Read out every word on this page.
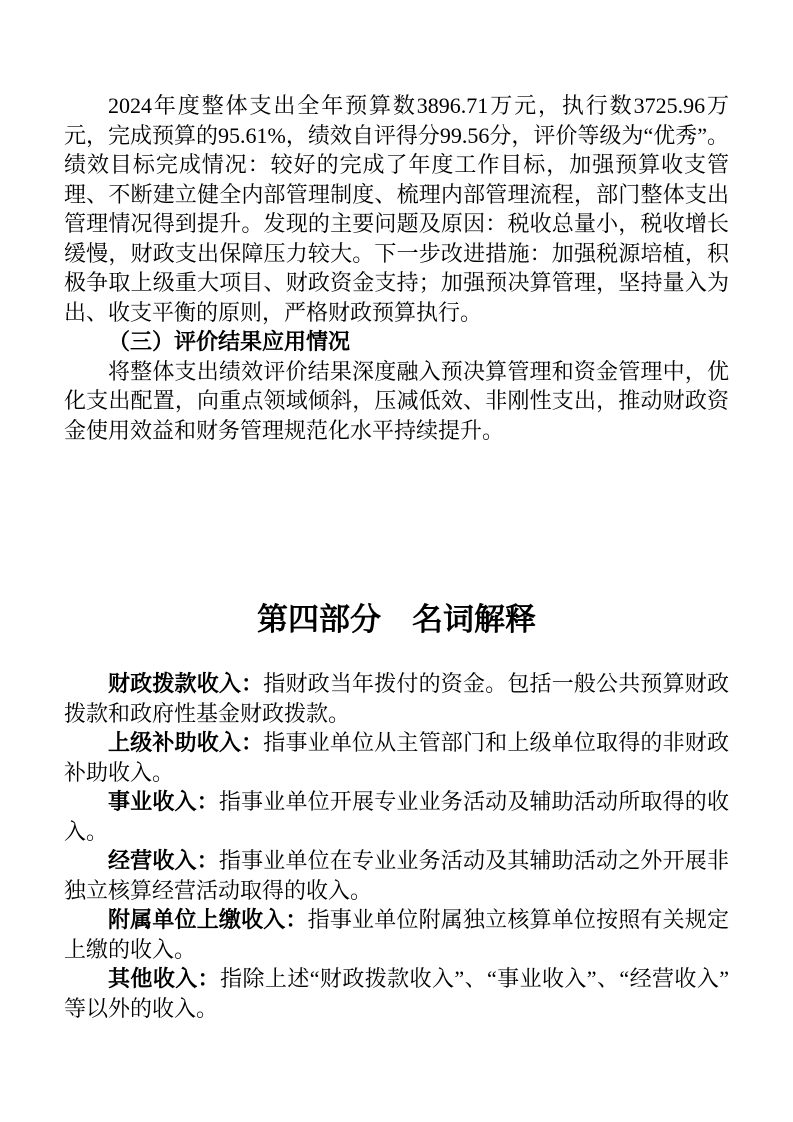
2024年度整体支出全年预算数3896.71万元，执行数3725.96万元，完成预算的95.61%，绩效自评得分99.56分，评价等级为“优秀”。绩效目标完成情况：较好的完成了年度工作目标，加强预算收支管理、不断建立健全内部管理制度、梳理内部管理流程，部门整体支出管理情况得到提升。发现的主要问题及原因：税收总量小，税收增长缓慢，财政支出保障压力较大。下一步改进措施：加强税源培植，积极争取上级重大项目、财政资金支持；加强预决算管理，坚持量入为出、收支平衡的原则，严格财政预算执行。

（三）评价结果应用情况

将整体支出绩效评价结果深度融入预决算管理和资金管理中，优化支出配置，向重点领域倾斜，压减低效、非刚性支出，推动财政资金使用效益和财务管理规范化水平持续提升。

第四部分　名词解释

财政拨款收入：指财政当年拨付的资金。包括一般公共预算财政拨款和政府性基金财政拨款。

上级补助收入：指事业单位从主管部门和上级单位取得的非财政补助收入。

事业收入：指事业单位开展专业业务活动及辅助活动所取得的收入。

经营收入：指事业单位在专业业务活动及其辅助活动之外开展非独立核算经营活动取得的收入。

附属单位上缴收入：指事业单位附属独立核算单位按照有关规定上缴的收入。

其他收入：指除上述“财政拨款收入”、“事业收入”、“经营收入”等以外的收入。
